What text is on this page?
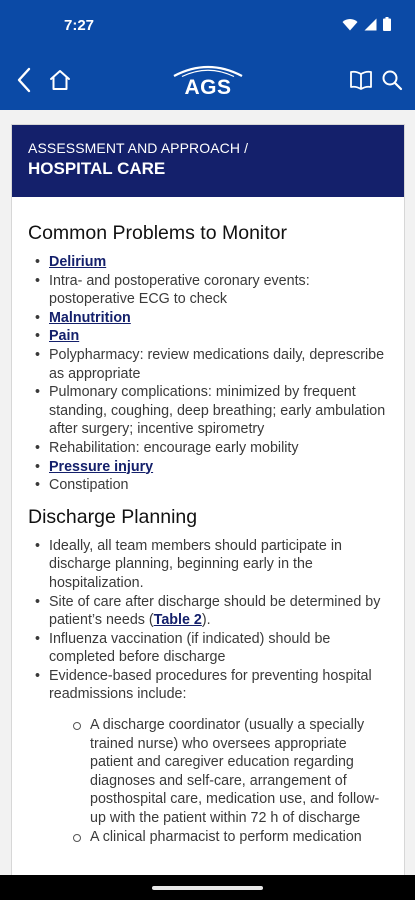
7:27
AGS
ASSESSMENT AND APPROACH /
HOSPITAL CARE
Common Problems to Monitor
• Delirium
• Intra- and postoperative coronary events: postoperative ECG to check
• Malnutrition
• Pain
• Polypharmacy: review medications daily, deprescribe as appropriate
• Pulmonary complications: minimized by frequent standing, coughing, deep breathing; early ambulation after surgery; incentive spirometry
• Rehabilitation: encourage early mobility
• Pressure injury
• Constipation
Discharge Planning
• Ideally, all team members should participate in discharge planning, beginning early in the hospitalization.
• Site of care after discharge should be determined by patient’s needs (Table 2).
• Influenza vaccination (if indicated) should be completed before discharge
• Evidence-based procedures for preventing hospital readmissions include:
A discharge coordinator (usually a specially trained nurse) who oversees appropriate patient and caregiver education regarding diagnoses and self-care, arrangement of posthospital care, medication use, and follow-up with the patient within 72 h of discharge
A clinical pharmacist to perform medication
